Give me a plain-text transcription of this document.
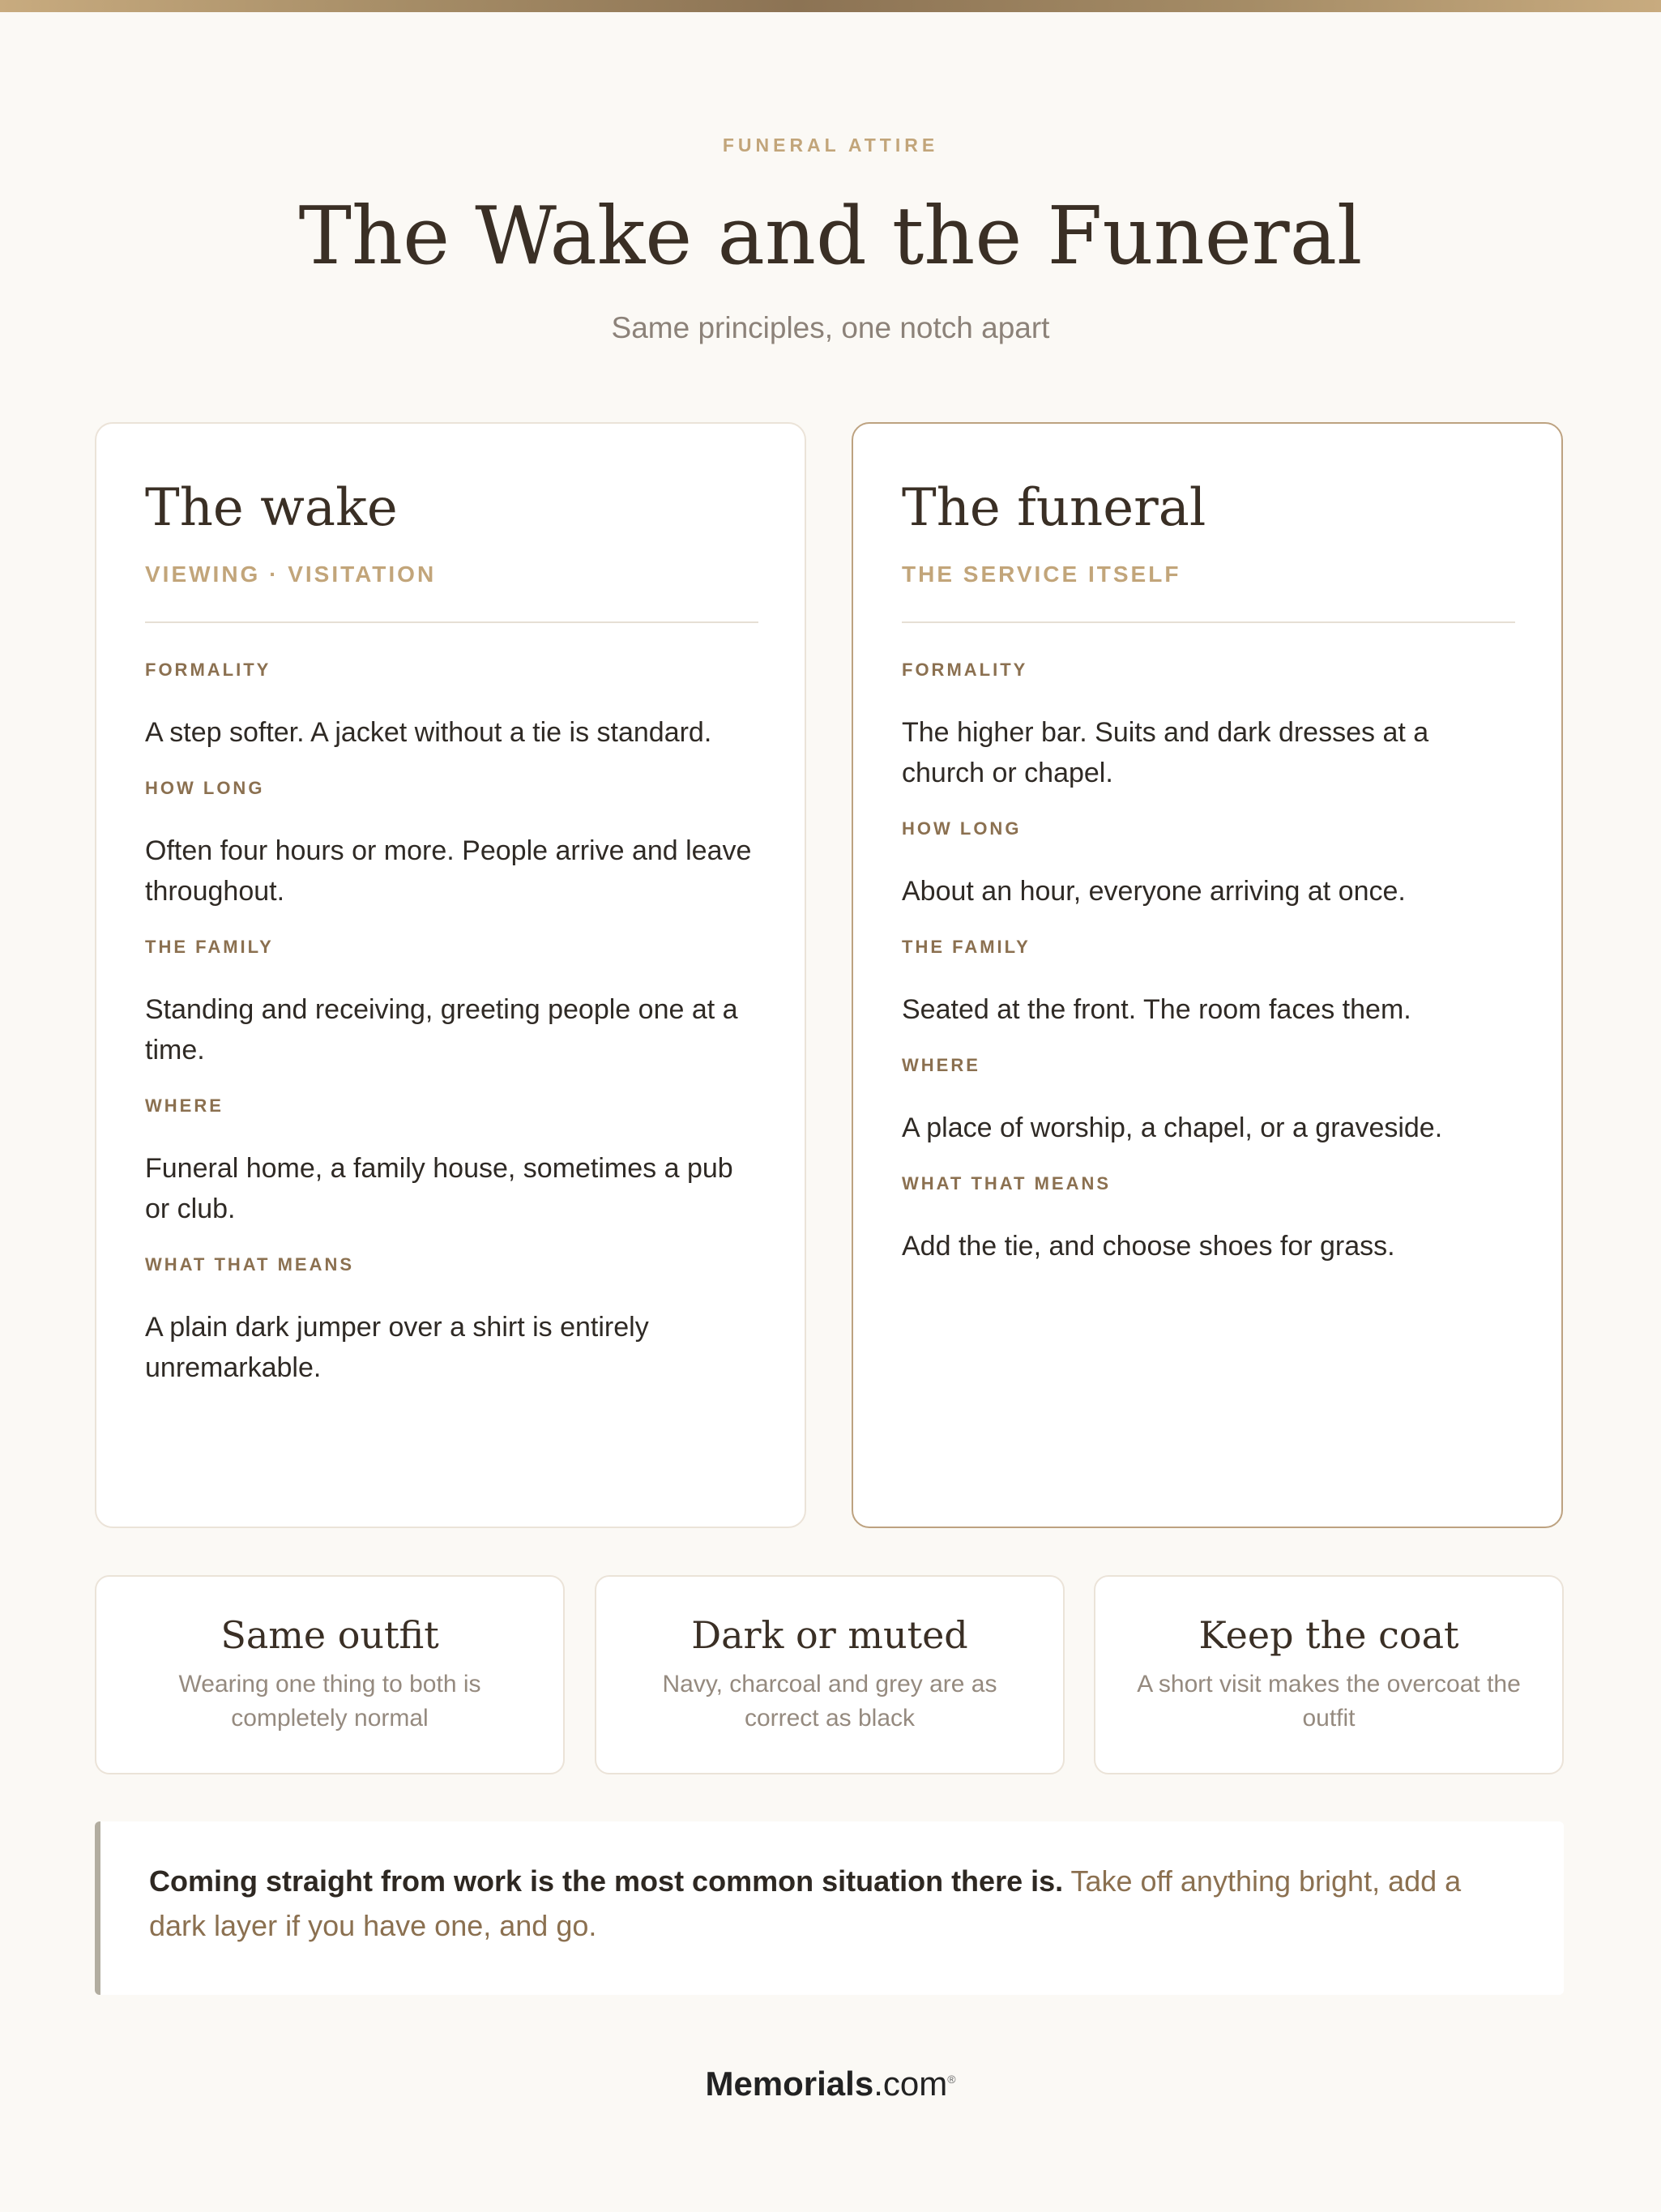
FUNERAL ATTIRE
The Wake and the Funeral
Same principles, one notch apart
The wake
VIEWING · VISITATION
FORMALITY
A step softer. A jacket without a tie is standard.
HOW LONG
Often four hours or more. People arrive and leave throughout.
THE FAMILY
Standing and receiving, greeting people one at a time.
WHERE
Funeral home, a family house, sometimes a pub or club.
WHAT THAT MEANS
A plain dark jumper over a shirt is entirely unremarkable.
The funeral
THE SERVICE ITSELF
FORMALITY
The higher bar. Suits and dark dresses at a church or chapel.
HOW LONG
About an hour, everyone arriving at once.
THE FAMILY
Seated at the front. The room faces them.
WHERE
A place of worship, a chapel, or a graveside.
WHAT THAT MEANS
Add the tie, and choose shoes for grass.
Same outfit
Wearing one thing to both is completely normal
Dark or muted
Navy, charcoal and grey are as correct as black
Keep the coat
A short visit makes the overcoat the outfit
Coming straight from work is the most common situation there is. Take off anything bright, add a dark layer if you have one, and go.
Memorials.com®
